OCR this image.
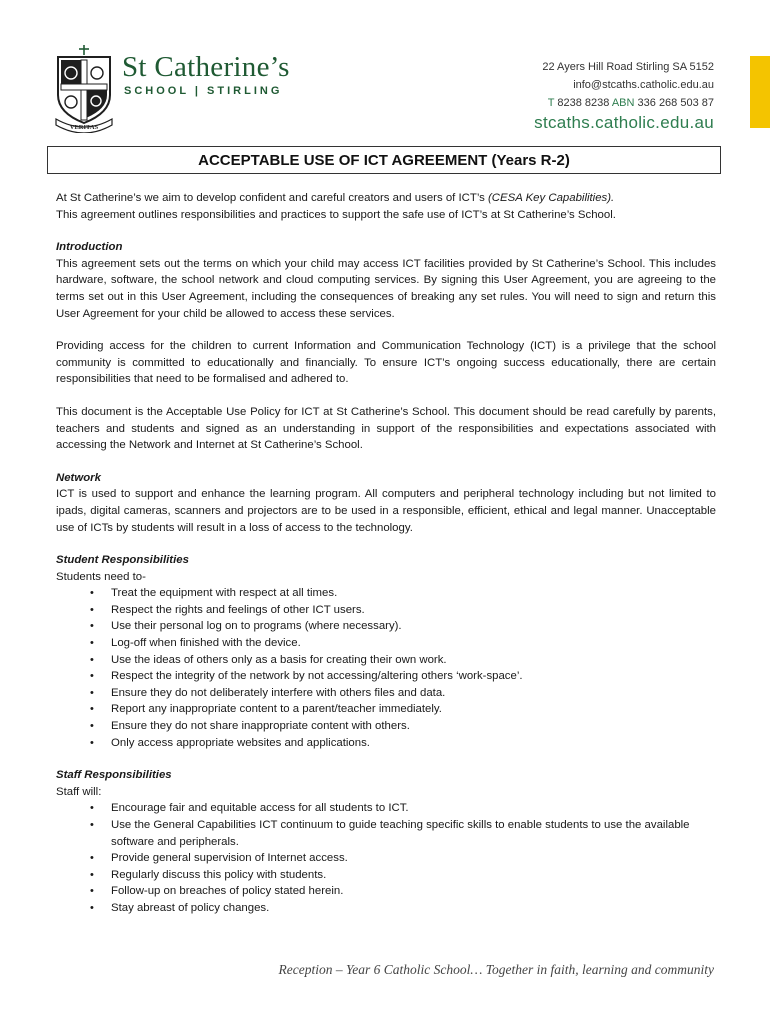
VERITAS
St Catherine’s
SCHOOL | STIRLING
22 Ayers Hill Road Stirling SA 5152
info@stcaths.catholic.edu.au
T 8238 8238 ABN 336 268 503 87
stcaths.catholic.edu.au
ACCEPTABLE USE OF ICT AGREEMENT (Years R-2)

At St Catherine’s we aim to develop confident and careful creators and users of ICT’s (CESA Key Capabilities).

This agreement outlines responsibilities and practices to support the safe use of ICT’s at St Catherine’s School.

Introduction

This agreement sets out the terms on which your child may access ICT facilities provided by St Catherine’s School. This includes hardware, software, the school network and cloud computing services. By signing this User Agreement, you are agreeing to the terms set out in this User Agreement, including the consequences of breaking any set rules. You will need to sign and return this User Agreement for your child be allowed to access these services.

Providing access for the children to current Information and Communication Technology (ICT) is a privilege that the school community is committed to educationally and financially. To ensure ICT’s ongoing success educationally, there are certain responsibilities that need to be formalised and adhered to.

This document is the Acceptable Use Policy for ICT at St Catherine’s School. This document should be read carefully by parents, teachers and students and signed as an understanding in support of the responsibilities and expectations associated with accessing the Network and Internet at St Catherine’s School.

Network

ICT is used to support and enhance the learning program. All computers and peripheral technology including but not limited to ipads, digital cameras, scanners and projectors are to be used in a responsible, efficient, ethical and legal manner. Unacceptable use of ICTs by students will result in a loss of access to the technology.

Student Responsibilities

Students need to-

• Treat the equipment with respect at all times.
• Respect the rights and feelings of other ICT users.
• Use their personal log on to programs (where necessary).
• Log-off when finished with the device.
• Use the ideas of others only as a basis for creating their own work.
• Respect the integrity of the network by not accessing/altering others ‘work-space’.
• Ensure they do not deliberately interfere with others files and data.
• Report any inappropriate content to a parent/teacher immediately.
• Ensure they do not share inappropriate content with others.
• Only access appropriate websites and applications.

Staff Responsibilities

Staff will:

• Encourage fair and equitable access for all students to ICT.
• Use the General Capabilities ICT continuum to guide teaching specific skills to enable students to use the available software and peripherals.
• Provide general supervision of Internet access.
• Regularly discuss this policy with students.
• Follow-up on breaches of policy stated herein.
• Stay abreast of policy changes.
Reception – Year 6 Catholic School… Together in faith, learning and community
